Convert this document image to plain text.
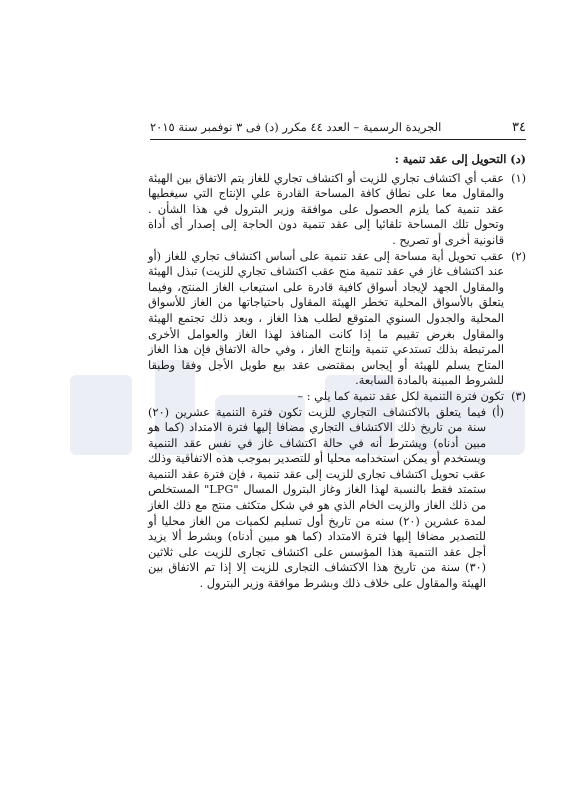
٣٤
الجريدة الرسمية – العدد ٤٤ مكرر (د) فى ٣ نوفمبر سنة ٢٠١٥
(د) التحويل إلى عقد تنمية :
(١)
عقب أي اكتشاف تجاري للزيت أو اكتشاف تجاري للغاز يتم الاتفاق بين الهيئة والمقاول معا على نطاق كافة المساحة القادرة علي الإنتاج التي سيغطيها عقد تنمية كما يلزم الحصول على موافقة وزير البترول في هذا الشأن . وتحول تلك المساحة تلقائيا إلى عقد تنمية دون الحاجة إلى إصدار أى أداة قانونية أخرى أو تصريح .
(٢)
عقب تحويل أية مساحة إلى عقد تنمية على أساس اكتشاف تجاري للغاز (أو عند اكتشاف غاز في عقد تنمية منح عقب اكتشاف تجاري للزيت) تبذل الهيئة والمقاول الجهد لإيجاد أسواق كافية قادرة على استيعاب الغاز المنتج، وفيما يتعلق بالأسواق المحلية تخطر الهيئة المقاول باحتياجاتها من الغاز للأسواق المحلية والجدول السنوي المتوقع لطلب هذا الغاز ، وبعد ذلك تجتمع الهيئة والمقاول بغرض تقييم ما إذا كانت المنافذ لهذا الغاز والعوامل الأخرى المرتبطة بذلك تستدعي تنمية وإنتاج الغاز ، وفي حالة الاتفاق فإن هذا الغاز المتاح يسلم للهيئة أو إيجاس بمقتضى عقد بيع طويل الأجل وفقا وطبقا للشروط المبينة بالمادة السابعة.
(٣)
تكون فترة التنمية لكل عقد تنمية كما يلي : –
(أ)
فيما يتعلق بالاكتشاف التجاري للزيت تكون فترة التنمية عشرين (٢٠) سنة من تاريخ ذلك الاكتشاف التجاري مضافا إليها فترة الامتداد (كما هو مبين أدناه) ويشترط أنه في حالة اكتشاف غاز في نفس عقد التنمية ويستخدم أو يمكن استخدامه محليا أو للتصدير بموجب هذه الاتفاقية وذلك عقب تحويل اكتشاف تجارى للزيت إلى عقد تنمية ، فإن فترة عقد التنمية ستمتد فقط بالنسبة لهذا الغاز وغاز البترول المسال "LPG" المستخلص من ذلك الغاز والزيت الخام الذي هو في شكل متكثف منتج مع ذلك الغاز لمدة عشرين (٢٠) سنه من تاريخ أول تسليم لكميات من الغاز محليا أو للتصدير مضافا إليها فترة الامتداد (كما هو مبين أدناه) وبشرط ألا يزيد أجل عقد التنمية هذا المؤسس على اكتشاف تجارى للزيت على ثلاثين (٣٠) سنة من تاريخ هذا الاكتشاف التجارى للزيت إلا إذا تم الاتفاق بين الهيئة والمقاول على خلاف ذلك وبشرط موافقة وزير البترول .
